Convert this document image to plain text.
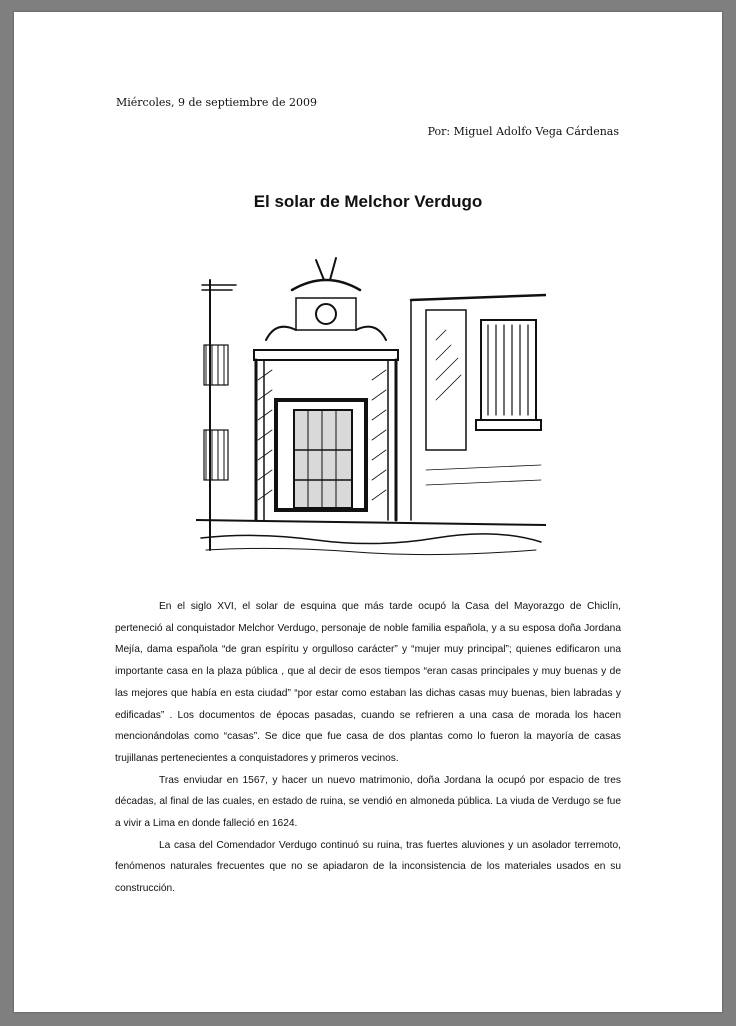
Miércoles, 9 de septiembre de 2009
Por: Miguel Adolfo Vega Cárdenas
El solar de Melchor Verdugo

En el siglo XVI, el solar de esquina que más tarde ocupó la Casa del Mayorazgo de Chiclín, perteneció al conquistador Melchor Verdugo, personaje de noble familia española, y a su esposa doña Jordana Mejía, dama española “de gran espíritu y orgulloso carácter” y “mujer muy principal”; quienes edificaron una importante casa en la plaza pública , que al decir de esos tiempos “eran casas principales y muy buenas y de las mejores que había en esta ciudad” “por estar como estaban las dichas casas muy buenas, bien labradas y edificadas” . Los documentos de épocas pasadas, cuando se refrieren a una casa de morada los hacen mencionándolas como “casas”. Se dice que fue casa de dos plantas como lo fueron la mayoría de casas trujillanas pertenecientes a conquistadores y primeros vecinos.

Tras enviudar en 1567, y hacer un nuevo matrimonio, doña Jordana la ocupó por espacio de tres décadas, al final de las cuales, en estado de ruina, se vendió en almoneda pública. La viuda de Verdugo se fue a vivir a Lima en donde falleció en 1624.

La casa del Comendador Verdugo continuó su ruina, tras fuertes aluviones y un asolador terremoto, fenómenos naturales frecuentes que no se apiadaron de la inconsistencia de los materiales usados en su construcción.
